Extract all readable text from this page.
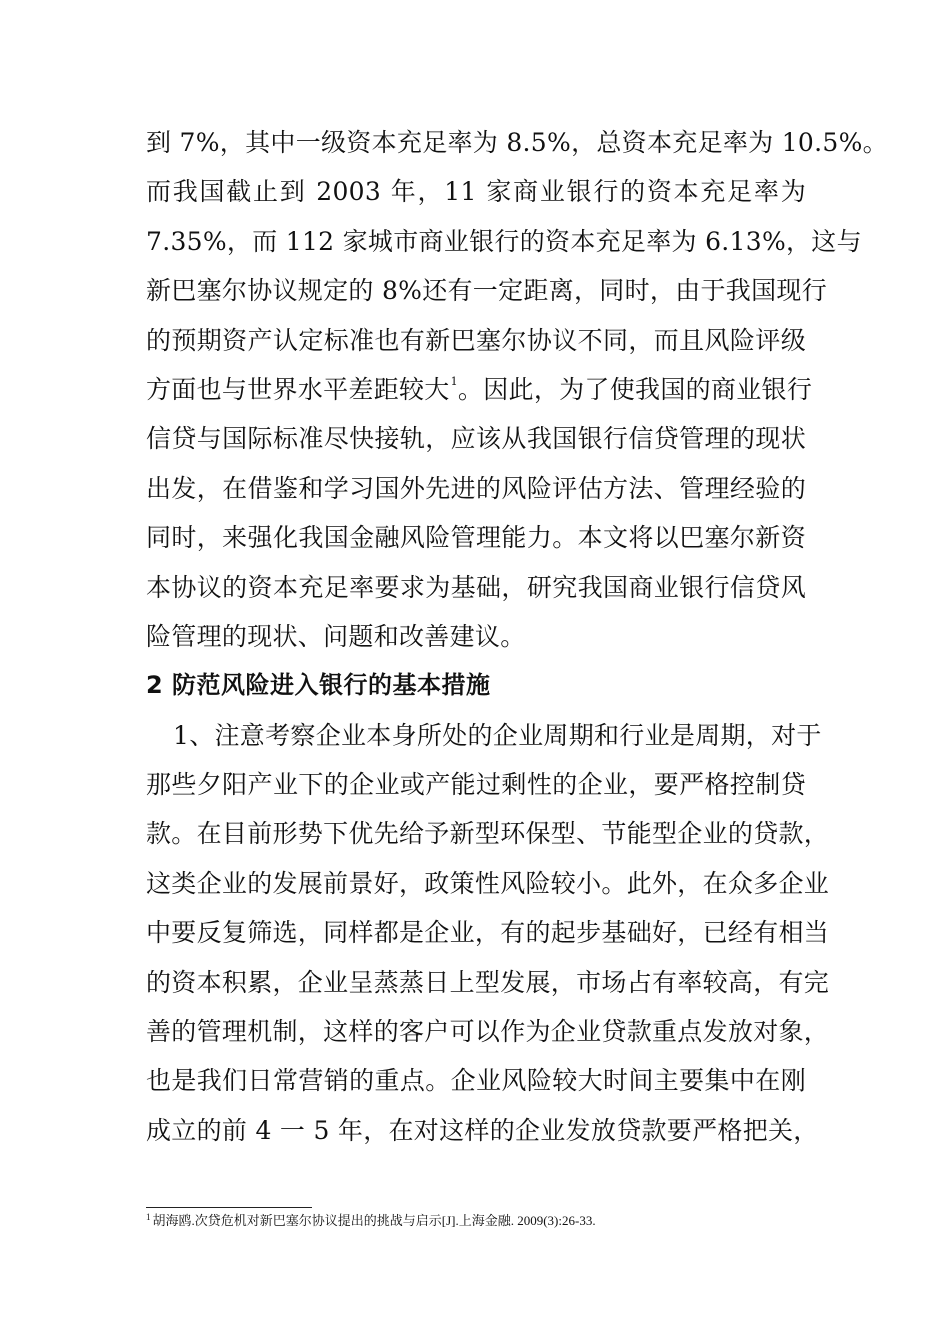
到 7%，其中一级资本充足率为 8.5%，总资本充足率为 10.5%。
而我国截止到 2003 年，11 家商业银行的资本充足率为
7.35%，而 112 家城市商业银行的资本充足率为 6.13%，这与
新巴塞尔协议规定的 8%还有一定距离，同时，由于我国现行
的预期资产认定标准也有新巴塞尔协议不同，而且风险评级
方面也与世界水平差距较大$^1$。因此，为了使我国的商业银行
信贷与国际标准尽快接轨，应该从我国银行信贷管理的现状
出发，在借鉴和学习国外先进的风险评估方法、管理经验的
同时，来强化我国金融风险管理能力。本文将以巴塞尔新资
本协议的资本充足率要求为基础，研究我国商业银行信贷风
险管理的现状、问题和改善建议。
2 防范风险进入银行的基本措施
1、注意考察企业本身所处的企业周期和行业是周期，对于
那些夕阳产业下的企业或产能过剩性的企业，要严格控制贷
款。在目前形势下优先给予新型环保型、节能型企业的贷款，
这类企业的发展前景好，政策性风险较小。此外，在众多企业
中要反复筛选，同样都是企业，有的起步基础好，已经有相当
的资本积累，企业呈蒸蒸日上型发展，市场占有率较高，有完
善的管理机制，这样的客户可以作为企业贷款重点发放对象，
也是我们日常营销的重点。企业风险较大时间主要集中在刚
成立的前 4 一 5 年，在对这样的企业发放贷款要严格把关，
$^1$ 胡海鸥.次贷危机对新巴塞尔协议提出的挑战与启示[J].上海金融. 2009(3):26-33.
